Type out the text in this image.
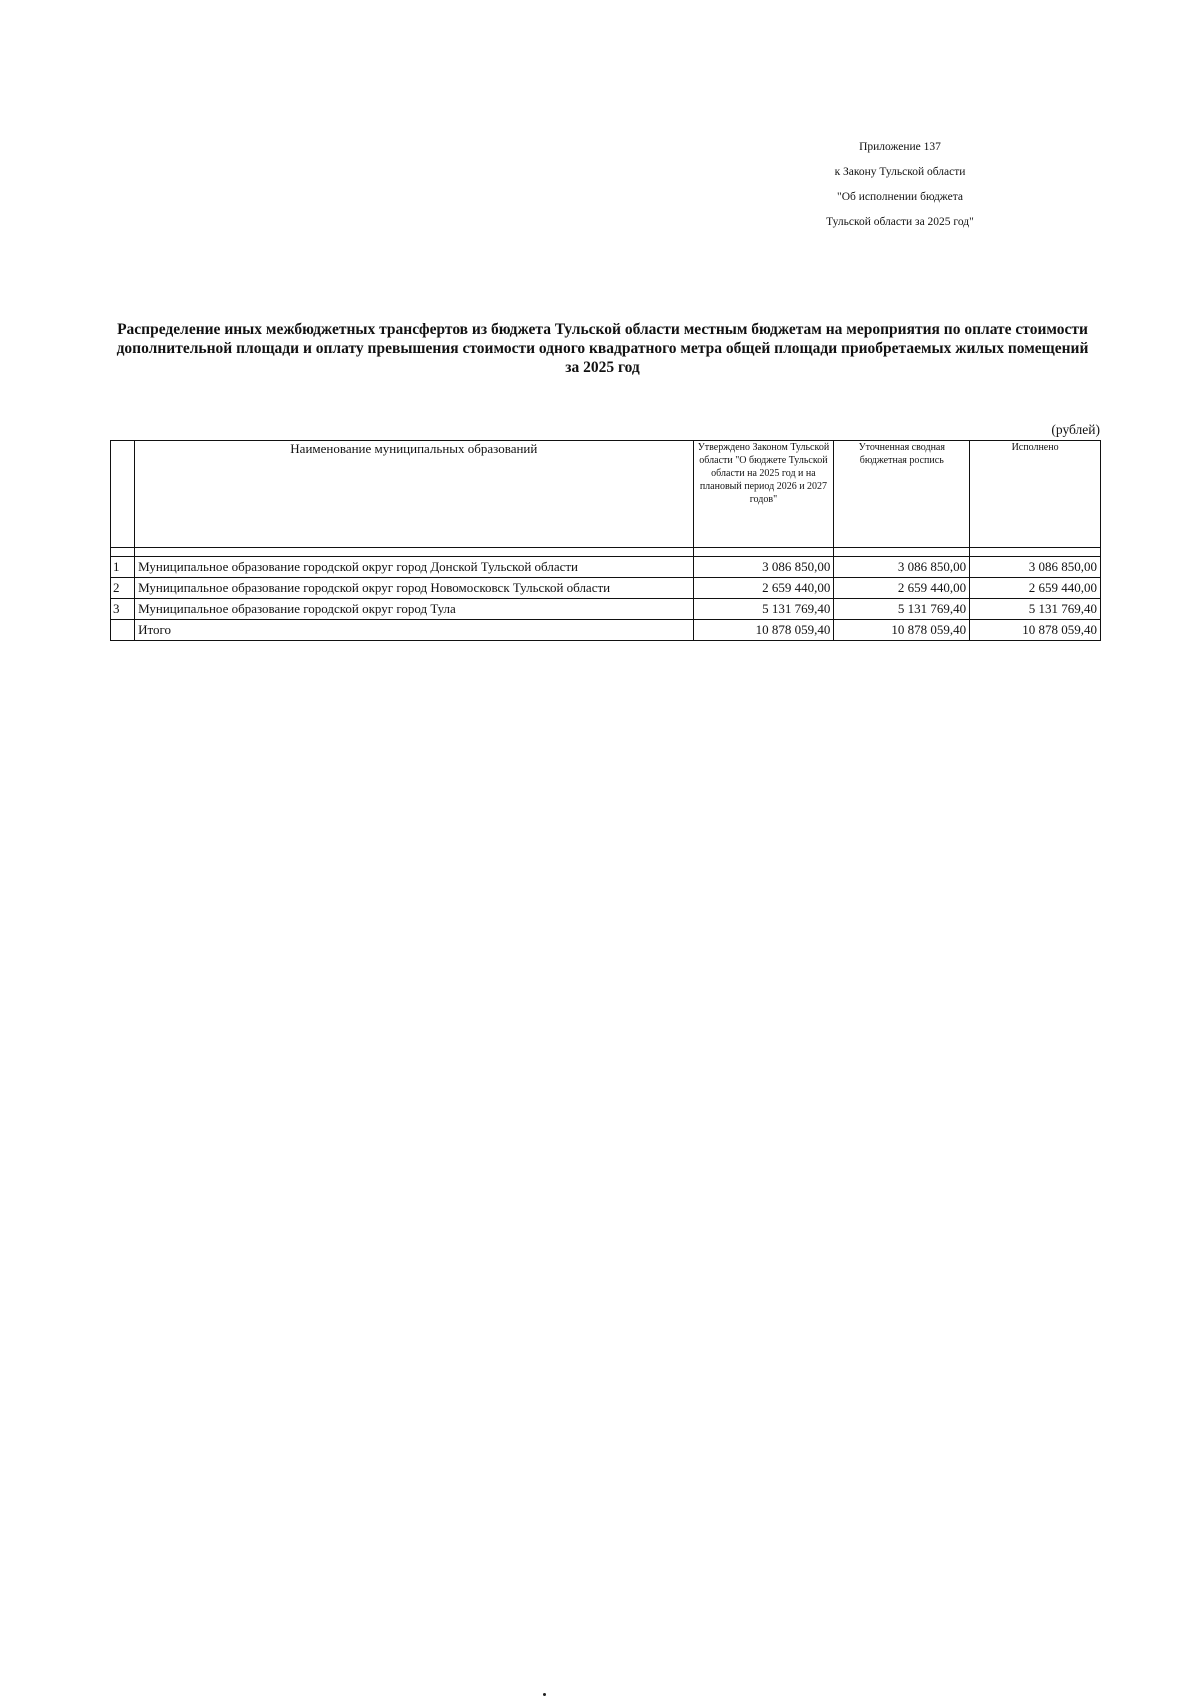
Приложение 137
к Закону Тульской области
"Об исполнении бюджета
Тульской области за 2025 год"
Распределение иных межбюджетных трансфертов из бюджета Тульской области местным бюджетам на мероприятия по оплате стоимости дополнительной площади и оплату превышения стоимости одного квадратного метра общей площади приобретаемых жилых помещений за 2025 год
(рублей)
	Наименование муниципальных образований	Утверждено Законом Тульской области "О бюджете Тульской области на 2025 год и на плановый период 2026 и 2027 годов"	Уточненная сводная бюджетная роспись	Исполнено

1	Муниципальное образование городской округ город Донской Тульской области	3 086 850,00	3 086 850,00	3 086 850,00
2	Муниципальное образование городской округ город Новомосковск Тульской области	2 659 440,00	2 659 440,00	2 659 440,00
3	Муниципальное образование городской округ город Тула	5 131 769,40	5 131 769,40	5 131 769,40
	Итого	10 878 059,40	10 878 059,40	10 878 059,40
